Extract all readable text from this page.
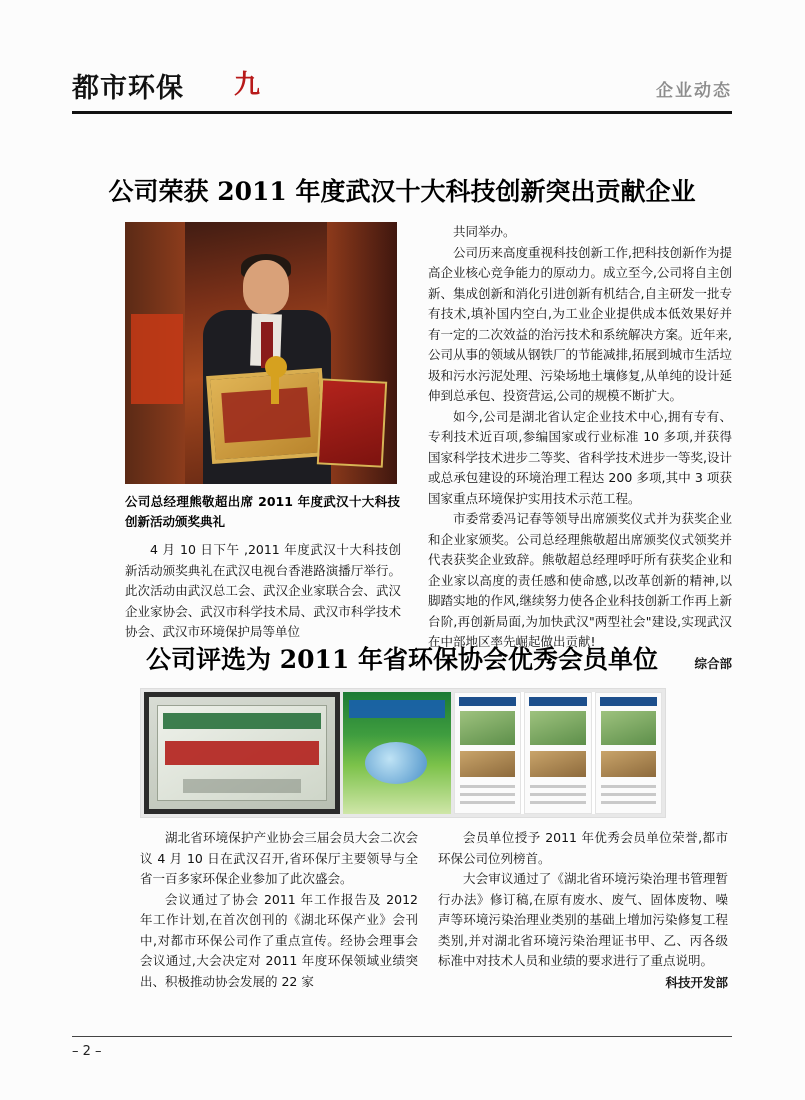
都市环保 九	企业动态
公司荣获 2011 年度武汉十大科技创新突出贡献企业
公司总经理熊敬超出席 2011 年度武汉十大科技创新活动颁奖典礼

4 月 10 日下午 ,2011 年度武汉十大科技创新活动颁奖典礼在武汉电视台香港路演播厅举行。此次活动由武汉总工会、武汉企业家联合会、武汉企业家协会、武汉市科学技术局、武汉市科学技术协会、武汉市环境保护局等单位

共同举办。

公司历来高度重视科技创新工作,把科技创新作为提高企业核心竞争能力的原动力。成立至今,公司将自主创新、集成创新和消化引进创新有机结合,自主研发一批专有技术,填补国内空白,为工业企业提供成本低效果好并有一定的二次效益的治污技术和系统解决方案。近年来,公司从事的领域从钢铁厂的节能减排,拓展到城市生活垃圾和污水污泥处理、污染场地土壤修复,从单纯的设计延伸到总承包、投资营运,公司的规模不断扩大。

如今,公司是湖北省认定企业技术中心,拥有专有、专利技术近百项,参编国家或行业标准 10 多项,并获得国家科学技术进步二等奖、省科学技术进步一等奖,设计或总承包建设的环境治理工程达 200 多项,其中 3 项获国家重点环境保护实用技术示范工程。

市委常委冯记春等领导出席颁奖仪式并为获奖企业和企业家颁奖。公司总经理熊敬超出席颁奖仪式领奖并代表获奖企业致辞。熊敬超总经理呼吁所有获奖企业和企业家以高度的责任感和使命感,以改革创新的精神,以脚踏实地的作风,继续努力使各企业科技创新工作再上新台阶,再创新局面,为加快武汉"两型社会"建设,实现武汉在中部地区率先崛起做出贡献!

综合部

公司评选为 2011 年省环保协会优秀会员单位

湖北省环境保护产业协会三届会员大会二次会议 4 月 10 日在武汉召开,省环保厅主要领导与全省一百多家环保企业参加了此次盛会。

会议通过了协会 2011 年工作报告及 2012 年工作计划,在首次创刊的《湖北环保产业》会刊中,对都市环保公司作了重点宣传。经协会理事会会议通过,大会决定对 2011 年度环保领域业绩突出、积极推动协会发展的 22 家

会员单位授予 2011 年优秀会员单位荣誉,都市环保公司位列榜首。

大会审议通过了《湖北省环境污染治理书管理暂行办法》修订稿,在原有废水、废气、固体废物、噪声等环境污染治理业类别的基础上增加污染修复工程类别,并对湖北省环境污染治理证书甲、乙、丙各级标准中对技术人员和业绩的要求进行了重点说明。

科技开发部

– 2 –
